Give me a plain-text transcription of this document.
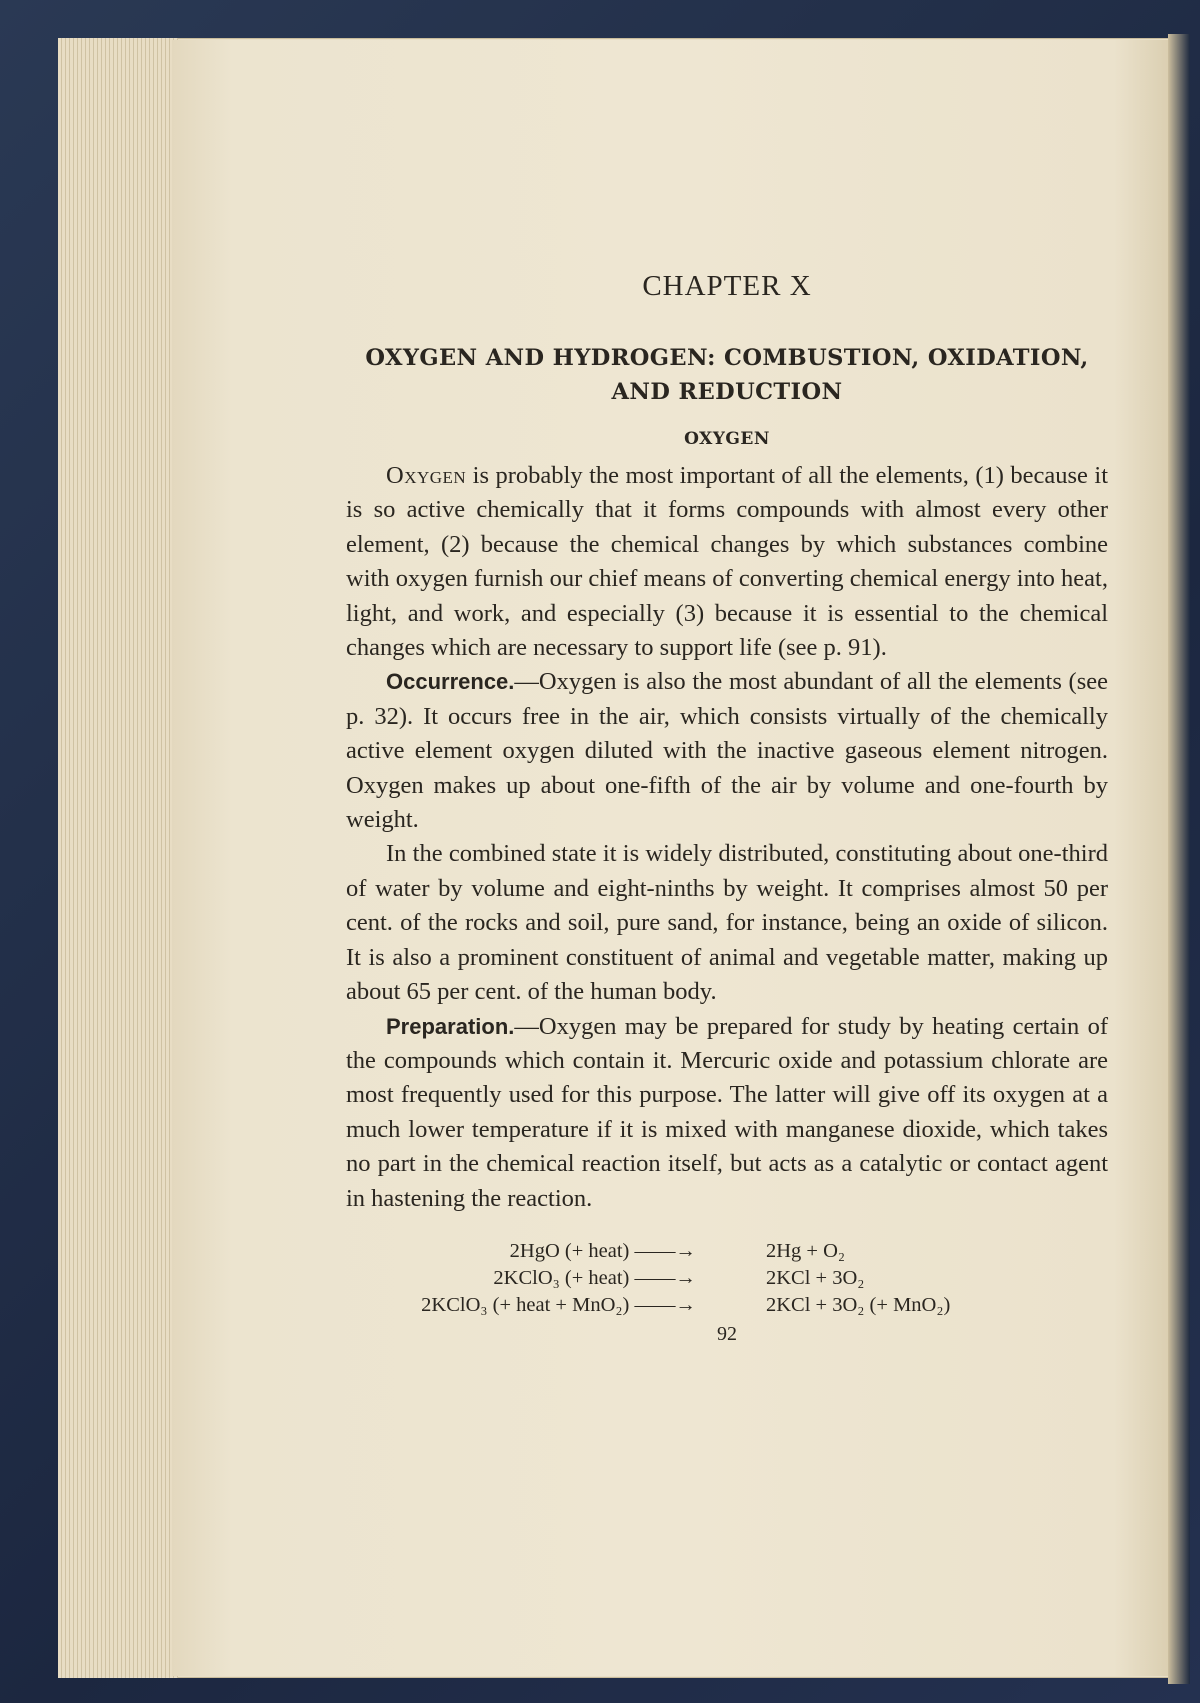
CHAPTER X
OXYGEN AND HYDROGEN: COMBUSTION, OXIDATION,
AND REDUCTION
OXYGEN

Oxygen is probably the most important of all the elements, (1) because it is so active chemically that it forms compounds with almost every other element, (2) because the chemical changes by which substances combine with oxygen furnish our chief means of converting chemical energy into heat, light, and work, and especially (3) because it is essential to the chemical changes which are necessary to support life (see p. 91).

Occurrence.—Oxygen is also the most abundant of all the elements (see p. 32). It occurs free in the air, which consists virtually of the chemically active element oxygen diluted with the inactive gaseous element nitrogen. Oxygen makes up about one-fifth of the air by volume and one-fourth by weight.

In the combined state it is widely distributed, constituting about one-third of water by volume and eight-ninths by weight. It comprises almost 50 per cent. of the rocks and soil, pure sand, for instance, being an oxide of silicon. It is also a prominent constituent of animal and vegetable matter, making up about 65 per cent. of the human body.

Preparation.—Oxygen may be prepared for study by heating certain of the compounds which contain it. Mercuric oxide and potassium chlorate are most frequently used for this purpose. The latter will give off its oxygen at a much lower temperature if it is mixed with manganese dioxide, which takes no part in the chemical reaction itself, but acts as a catalytic or contact agent in hastening the reaction.

2HgO (+ heat) ——→	2Hg + O₂
2KClO₃ (+ heat) ——→	2KCl + 3O₂
2KClO₃ (+ heat + MnO₂) ——→	2KCl + 3O₂ (+ MnO₂)
92
